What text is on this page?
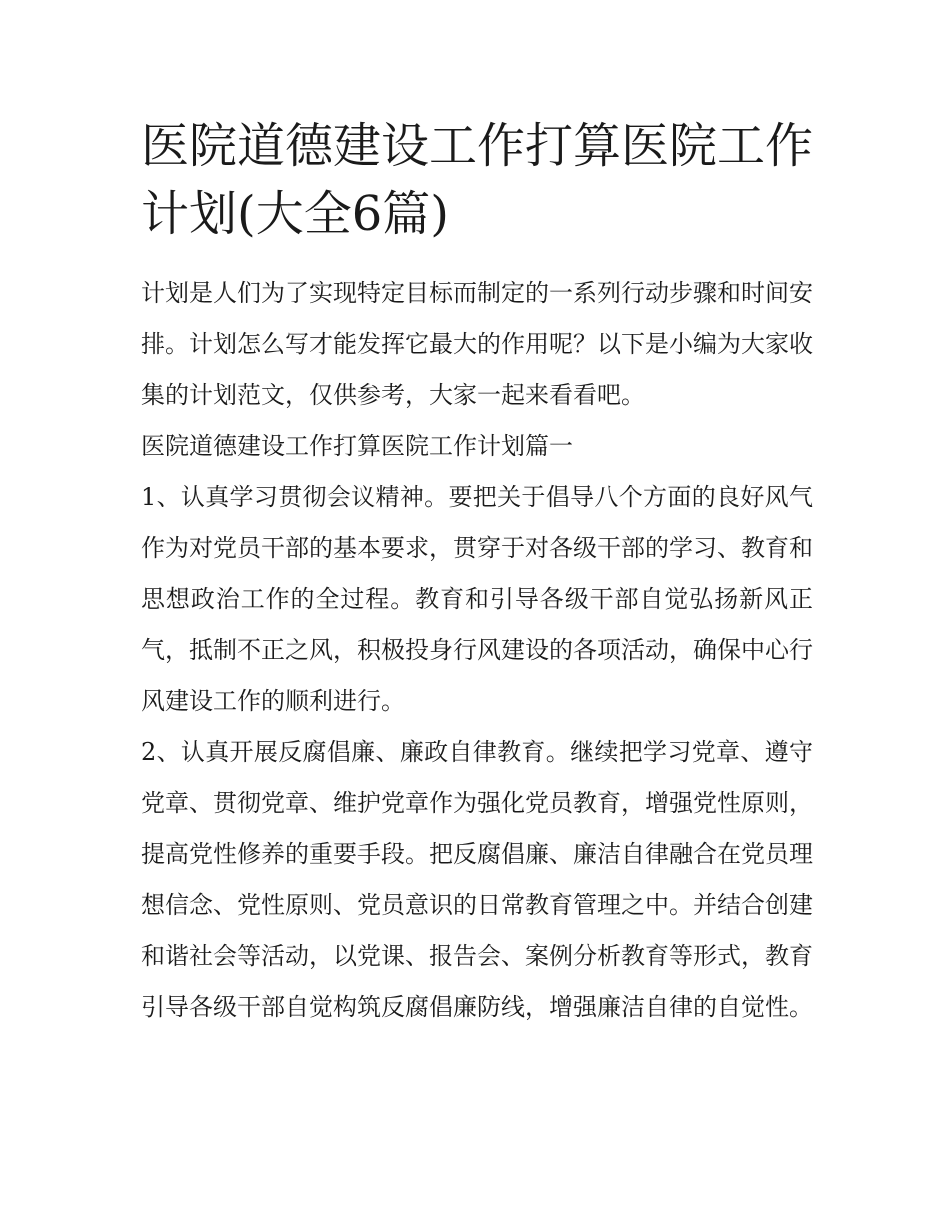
医院道德建设工作打算医院工作计划(大全6篇)

计划是人们为了实现特定目标而制定的一系列行动步骤和时间安排。计划怎么写才能发挥它最大的作用呢？以下是小编为大家收集的计划范文，仅供参考，大家一起来看看吧。

医院道德建设工作打算医院工作计划篇一

1、认真学习贯彻会议精神。要把关于倡导八个方面的良好风气作为对党员干部的基本要求，贯穿于对各级干部的学习、教育和思想政治工作的全过程。教育和引导各级干部自觉弘扬新风正气，抵制不正之风，积极投身行风建设的各项活动，确保中心行风建设工作的顺利进行。

2、认真开展反腐倡廉、廉政自律教育。继续把学习党章、遵守党章、贯彻党章、维护党章作为强化党员教育，增强党性原则，提高党性修养的重要手段。把反腐倡廉、廉洁自律融合在党员理想信念、党性原则、党员意识的日常教育管理之中。并结合创建和谐社会等活动，以党课、报告会、案例分析教育等形式，教育引导各级干部自觉构筑反腐倡廉防线，增强廉洁自律的自觉性。
